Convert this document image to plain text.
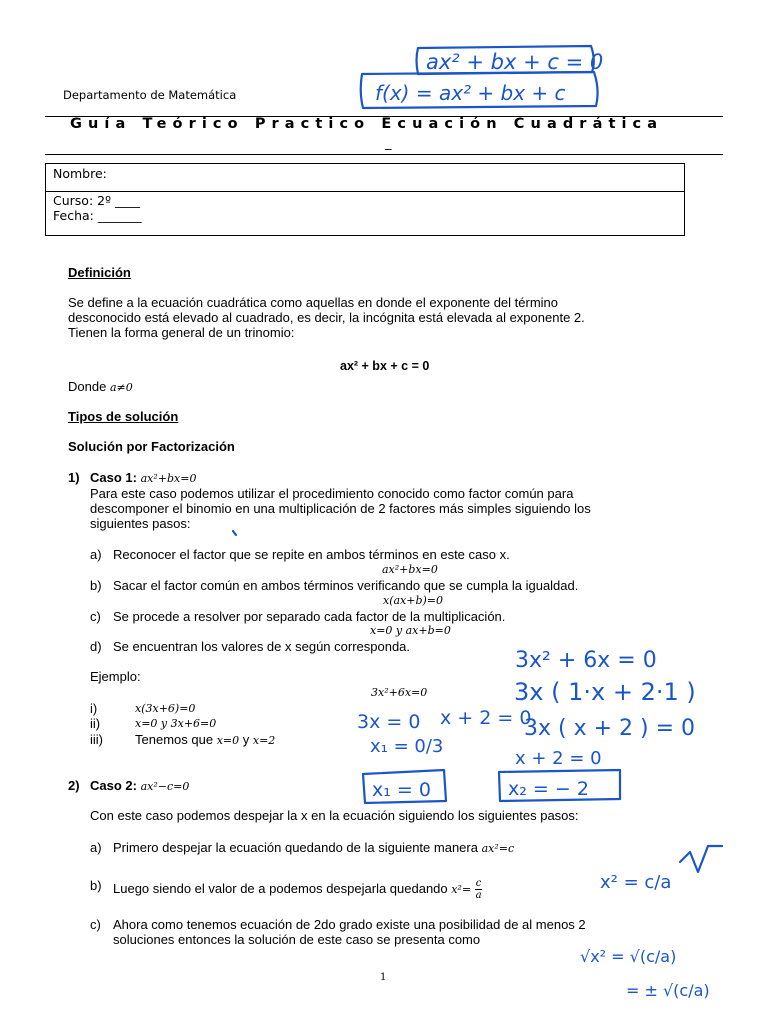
Departamento de Matemática
Guía Teórico Practico Ecuación Cuadrática
_
Nombre:
Curso: 2º ____
Fecha: _______
Definición
Se define a la ecuación cuadrática como aquellas en donde el exponente del término
desconocido está elevado al cuadrado, es decir, la incógnita está elevada al exponente 2.
Tienen la forma general de un trinomio:
ax² + bx + c = 0
Donde a≠0
Tipos de solución
Solución por Factorización
1) Caso 1: ax²+bx=0
Para este caso podemos utilizar el procedimiento conocido como factor común para
descomponer el binomio en una multiplicación de 2 factores más simples siguiendo los
siguientes pasos:
a) Reconocer el factor que se repite en ambos términos en este caso x.
ax²+bx=0
b) Sacar el factor común en ambos términos verificando que se cumpla la igualdad.
x(ax+b)=0
c) Se procede a resolver por separado cada factor de la multiplicación.
x=0 y ax+b=0
d) Se encuentran los valores de x según corresponda.
Ejemplo:
3x²+6x=0
i)	x(3x+6)=0
ii)	x=0 y 3x+6=0
iii) Tenemos que x=0 y x=2
2) Caso 2: ax²−c=0
Con este caso podemos despejar la x en la ecuación siguiendo los siguientes pasos:
a) Primero despejar la ecuación quedando de la siguiente manera ax²=c
b) Luego siendo el valor de a podemos despejarla quedando $x^2= \frac{c}{a}$
c) Ahora como tenemos ecuación de 2do grado existe una posibilidad de al menos 2
soluciones entonces la solución de este caso se presenta como
1
ax² + bx + c = 0
f(x) = ax² + bx + c
3x² + 6x = 0
3x ( 1·x + 2·1 )
3x ( x + 2 ) = 0
3x = 0 x + 2 = 0
x₁ = 0/3
x + 2 = 0
x₁ = 0	x₂ = − 2
x² = c/a
√x² = √(c/a)
= ± √(c/a)
